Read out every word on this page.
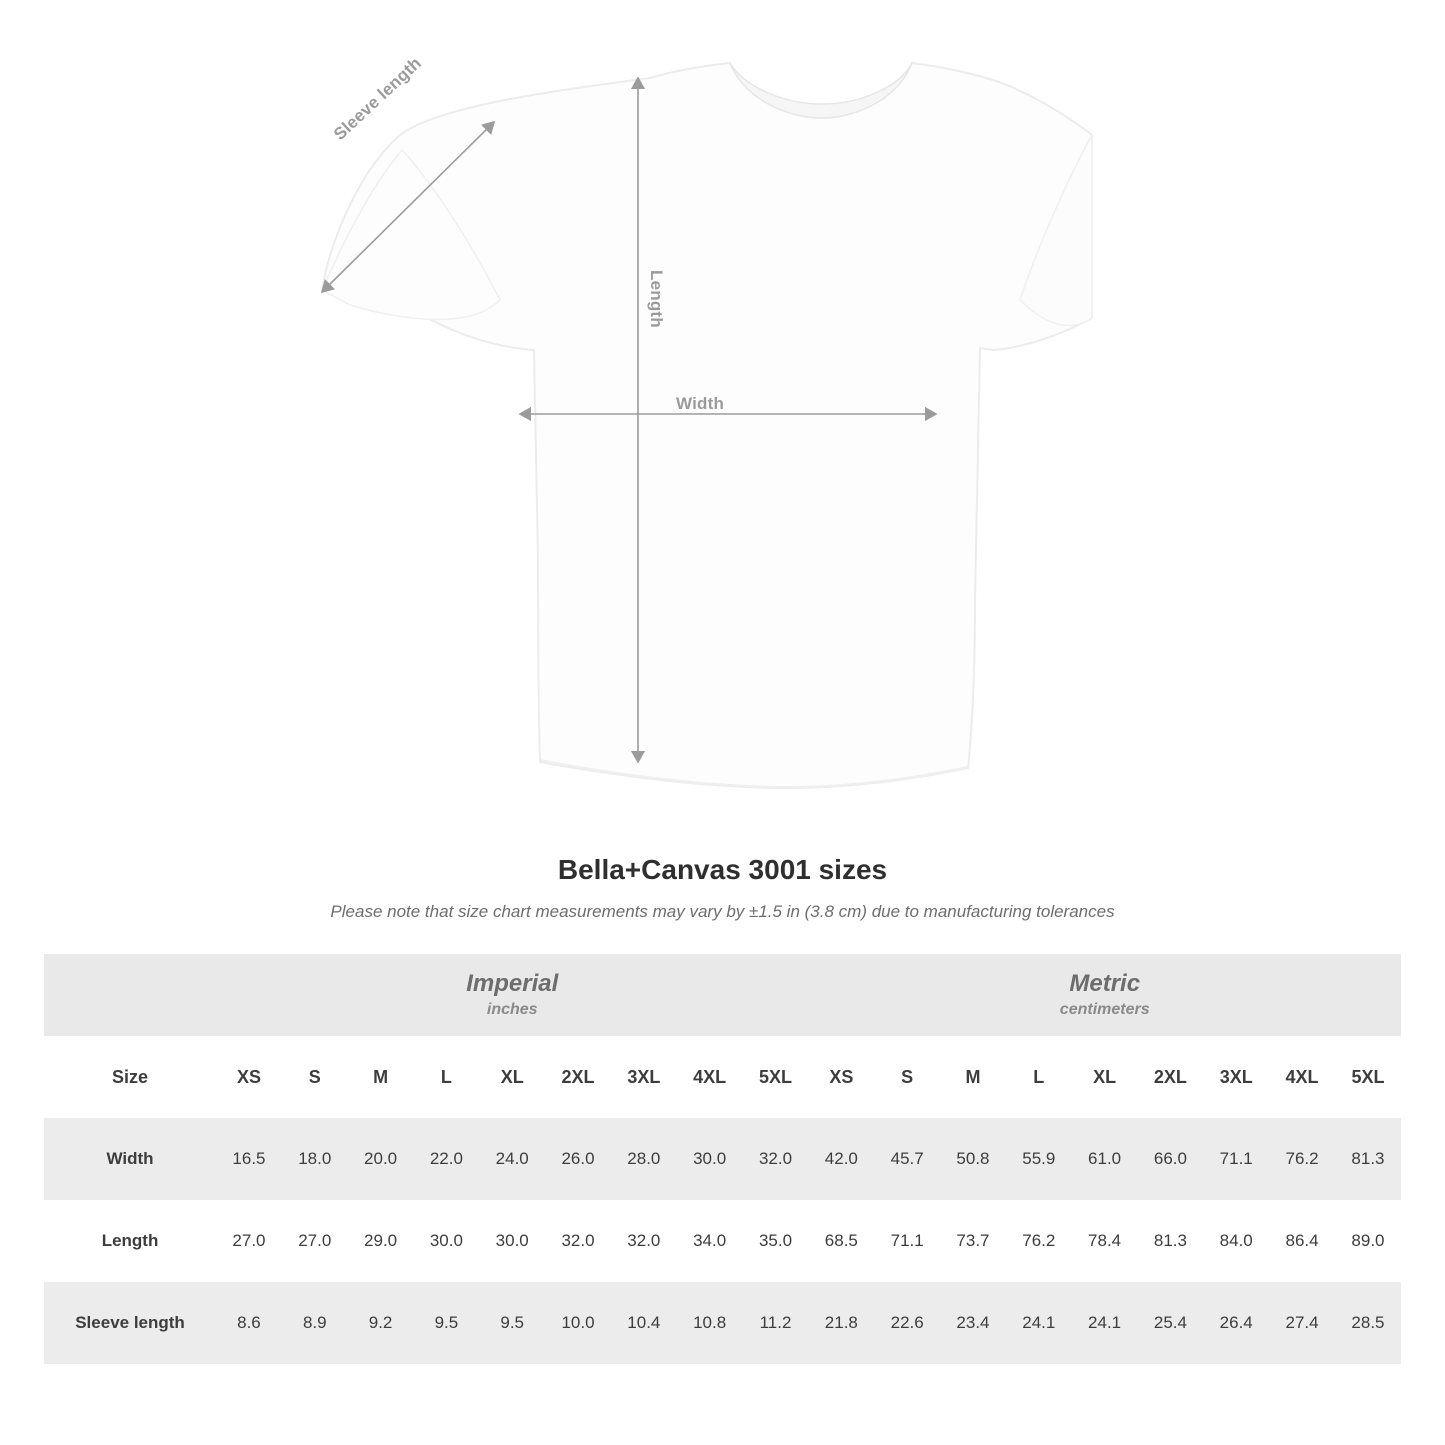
Sleeve length
Length
Width
Bella+Canvas 3001 sizes

Please note that size chart measurements may vary by ±1.5 in (3.8 cm) due to manufacturing tolerances

	Imperial
inches									Metric
centimeters								

Size	XS	S	M	L	XL	2XL	3XL	4XL	5XL	XS	S	M	L	XL	2XL	3XL	4XL	5XL
Width	16.5	18.0	20.0	22.0	24.0	26.0	28.0	30.0	32.0	42.0	45.7	50.8	55.9	61.0	66.0	71.1	76.2	81.3
Length	27.0	27.0	29.0	30.0	30.0	32.0	32.0	34.0	35.0	68.5	71.1	73.7	76.2	78.4	81.3	84.0	86.4	89.0
Sleeve length	8.6	8.9	9.2	9.5	9.5	10.0	10.4	10.8	11.2	21.8	22.6	23.4	24.1	24.1	25.4	26.4	27.4	28.5
